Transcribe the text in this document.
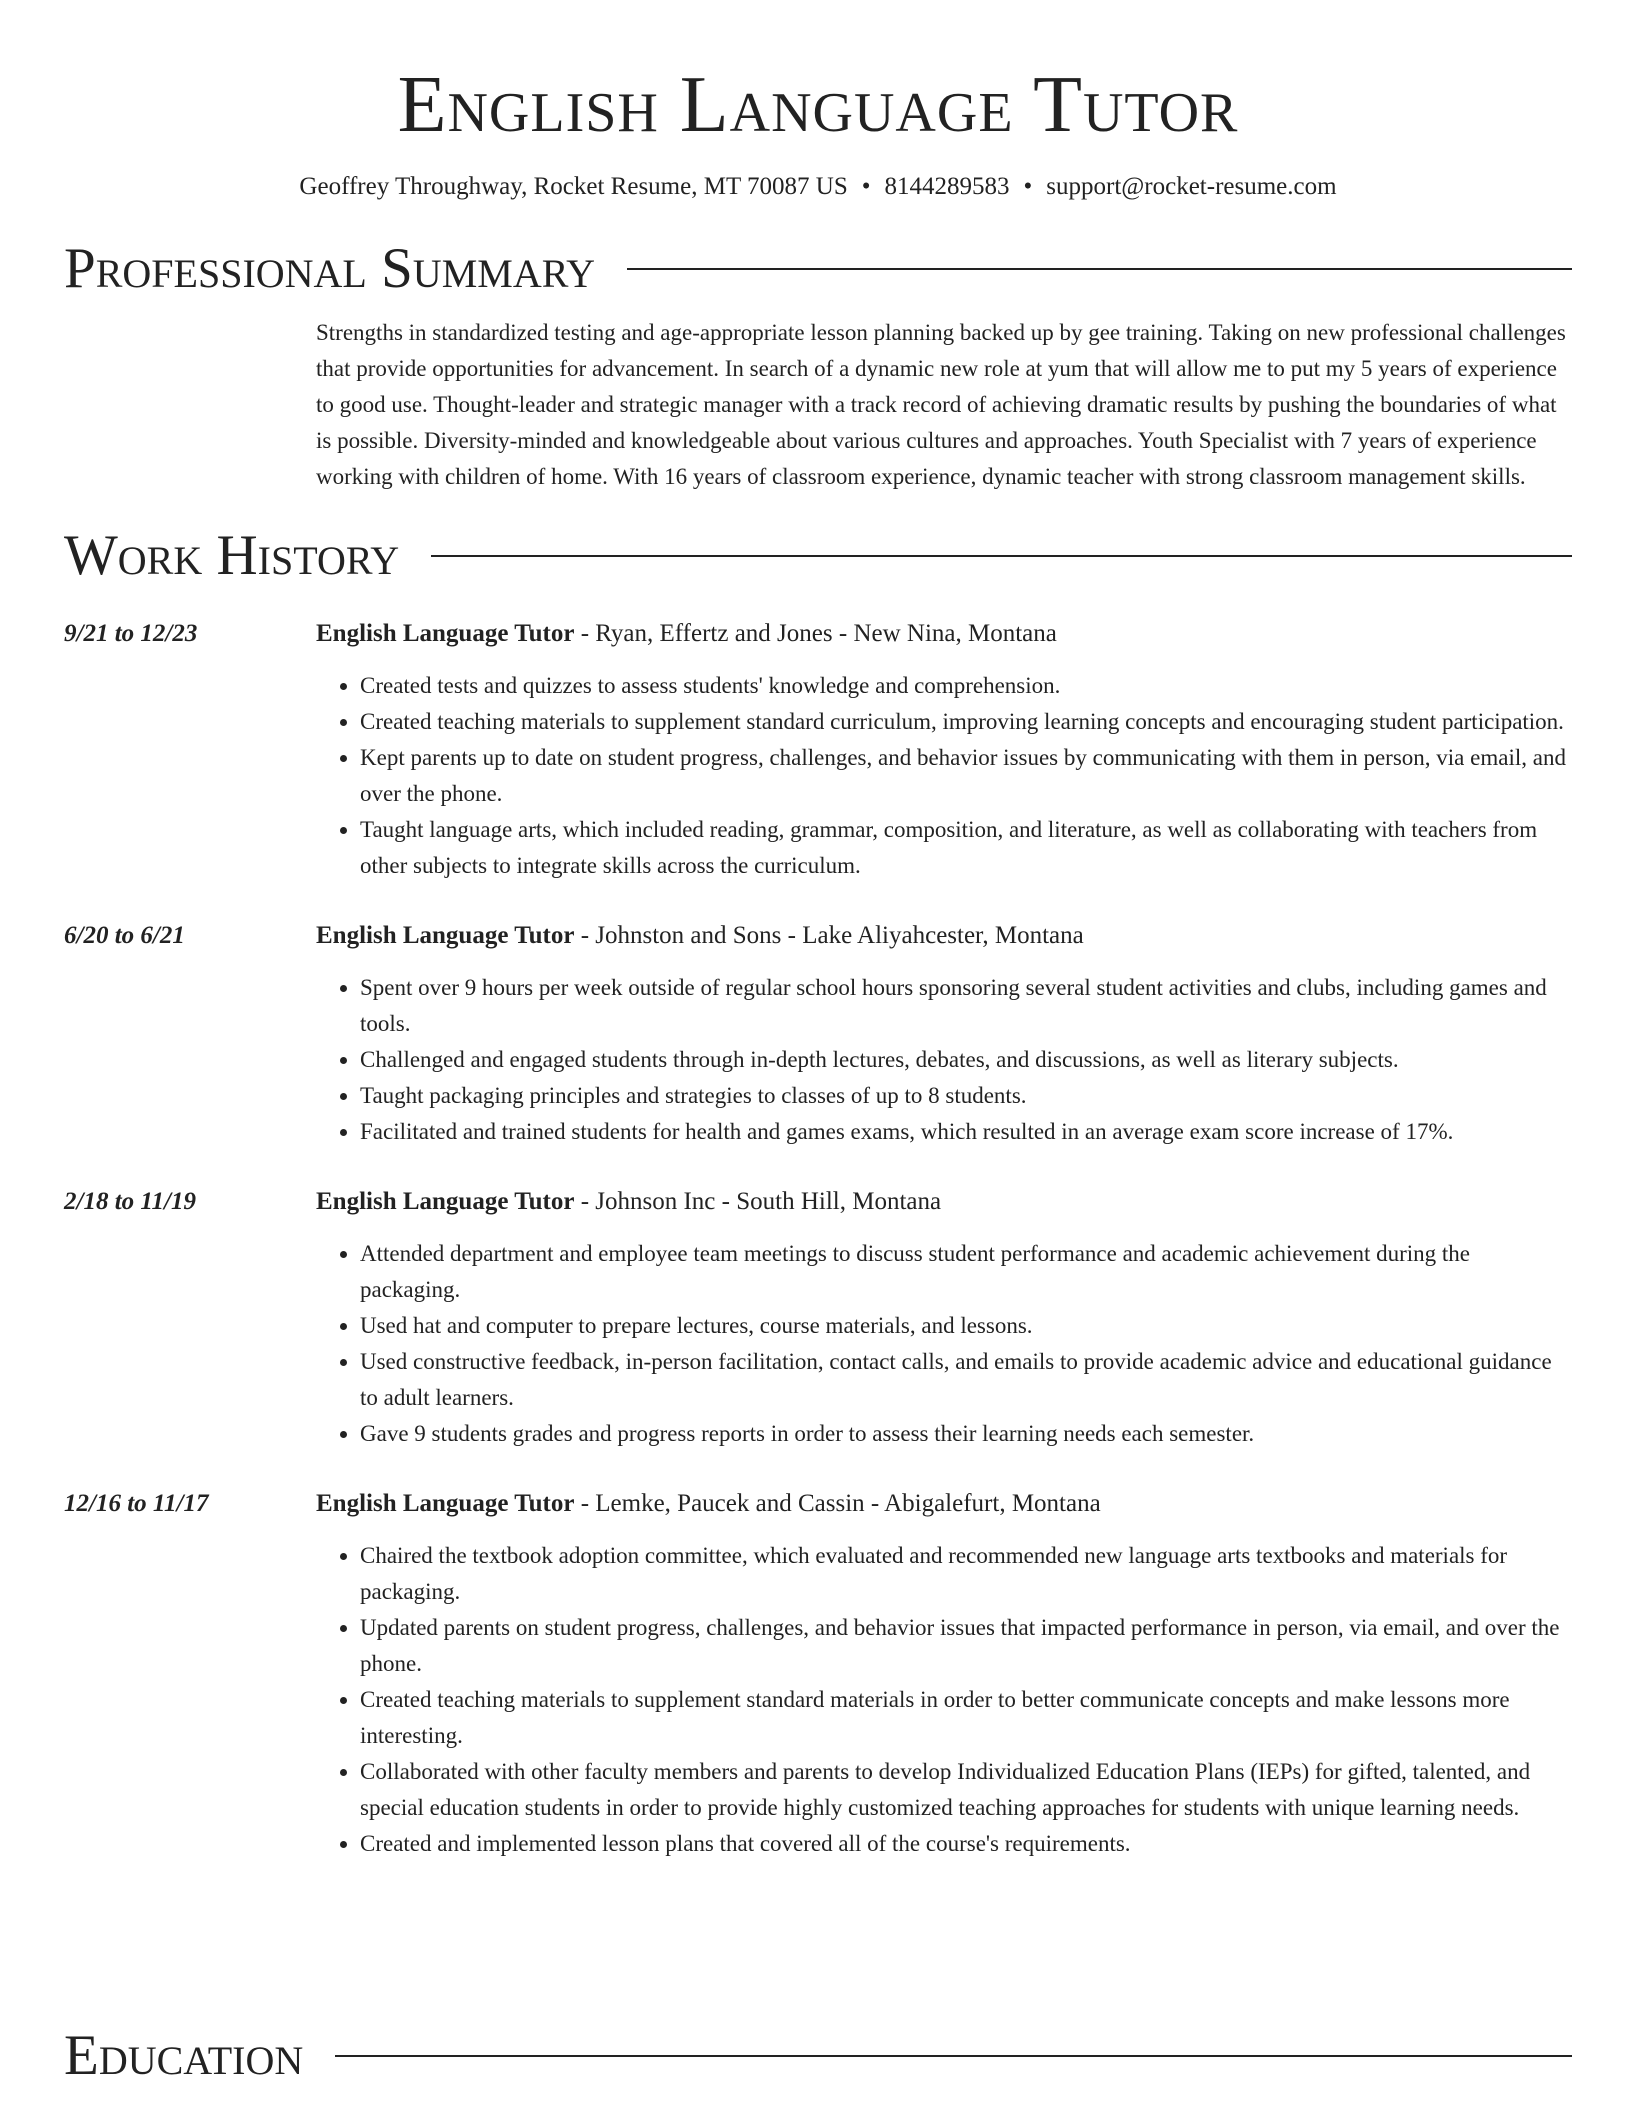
English Language Tutor
Geoffrey Throughway, Rocket Resume, MT 70087 US • 8144289583 • support@rocket-resume.com
Professional Summary
Strengths in standardized testing and age-appropriate lesson planning backed up by gee training. Taking on new professional challenges that provide opportunities for advancement. In search of a dynamic new role at yum that will allow me to put my 5 years of experience to good use. Thought-leader and strategic manager with a track record of achieving dramatic results by pushing the boundaries of what is possible. Diversity-minded and knowledgeable about various cultures and approaches. Youth Specialist with 7 years of experience working with children of home. With 16 years of classroom experience, dynamic teacher with strong classroom management skills.
Work History
9/21 to 12/23	English Language Tutor - Ryan, Effertz and Jones - New Nina, Montana
• Created tests and quizzes to assess students' knowledge and comprehension.
• Created teaching materials to supplement standard curriculum, improving learning concepts and encouraging student participation.
• Kept parents up to date on student progress, challenges, and behavior issues by communicating with them in person, via email, and over the phone.
• Taught language arts, which included reading, grammar, composition, and literature, as well as collaborating with teachers from other subjects to integrate skills across the curriculum.
6/20 to 6/21	English Language Tutor - Johnston and Sons - Lake Aliyahcester, Montana
• Spent over 9 hours per week outside of regular school hours sponsoring several student activities and clubs, including games and tools.
• Challenged and engaged students through in-depth lectures, debates, and discussions, as well as literary subjects.
• Taught packaging principles and strategies to classes of up to 8 students.
• Facilitated and trained students for health and games exams, which resulted in an average exam score increase of 17%.
2/18 to 11/19	English Language Tutor - Johnson Inc - South Hill, Montana
• Attended department and employee team meetings to discuss student performance and academic achievement during the packaging.
• Used hat and computer to prepare lectures, course materials, and lessons.
• Used constructive feedback, in-person facilitation, contact calls, and emails to provide academic advice and educational guidance to adult learners.
• Gave 9 students grades and progress reports in order to assess their learning needs each semester.
12/16 to 11/17	English Language Tutor - Lemke, Paucek and Cassin - Abigalefurt, Montana
• Chaired the textbook adoption committee, which evaluated and recommended new language arts textbooks and materials for packaging.
• Updated parents on student progress, challenges, and behavior issues that impacted performance in person, via email, and over the phone.
• Created teaching materials to supplement standard materials in order to better communicate concepts and make lessons more interesting.
• Collaborated with other faculty members and parents to develop Individualized Education Plans (IEPs) for gifted, talented, and special education students in order to provide highly customized teaching approaches for students with unique learning needs.
• Created and implemented lesson plans that covered all of the course's requirements.
Education
